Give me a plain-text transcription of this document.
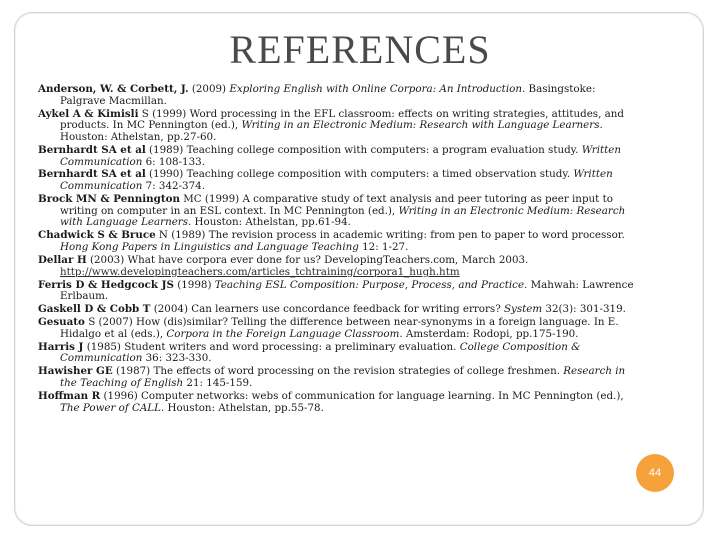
REFERENCES

Anderson, W. & Corbett, J. (2009) Exploring English with Online Corpora: An Introduction. Basingstoke: Palgrave Macmillan.

Aykel A & Kimisli S (1999) Word processing in the EFL classroom: effects on writing strategies, attitudes, and products. In MC Pennington (ed.), Writing in an Electronic Medium: Research with Language Learners. Houston: Athelstan, pp.27-60.

Bernhardt SA et al (1989) Teaching college composition with computers: a program evaluation study. Written Communication 6: 108-133.

Bernhardt SA et al (1990) Teaching college composition with computers: a timed observation study. Written Communication 7: 342-374.

Brock MN & Pennington MC (1999) A comparative study of text analysis and peer tutoring as peer input to writing on computer in an ESL context. In MC Pennington (ed.), Writing in an Electronic Medium: Research with Language Learners. Houston: Athelstan, pp.61-94.

Chadwick S & Bruce N (1989) The revision process in academic writing: from pen to paper to word processor. Hong Kong Papers in Linguistics and Language Teaching 12: 1-27.

Dellar H (2003) What have corpora ever done for us? DevelopingTeachers.com, March 2003. http://www.developingteachers.com/articles_tchtraining/corpora1_hugh.htm

Ferris D & Hedgcock JS (1998) Teaching ESL Composition: Purpose, Process, and Practice. Mahwah: Lawrence Erlbaum.

Gaskell D & Cobb T (2004) Can learners use concordance feedback for writing errors? System 32(3): 301-319.

Gesuato S (2007) How (dis)similar? Telling the difference between near-synonyms in a foreign language. In E. Hidalgo et al (eds.), Corpora in the Foreign Language Classroom. Amsterdam: Rodopi, pp.175-190.

Harris J (1985) Student writers and word processing: a preliminary evaluation. College Composition & Communication 36: 323-330.

Hawisher GE (1987) The effects of word processing on the revision strategies of college freshmen. Research in the Teaching of English 21: 145-159.

Hoffman R (1996) Computer networks: webs of communication for language learning. In MC Pennington (ed.), The Power of CALL. Houston: Athelstan, pp.55-78.

44
